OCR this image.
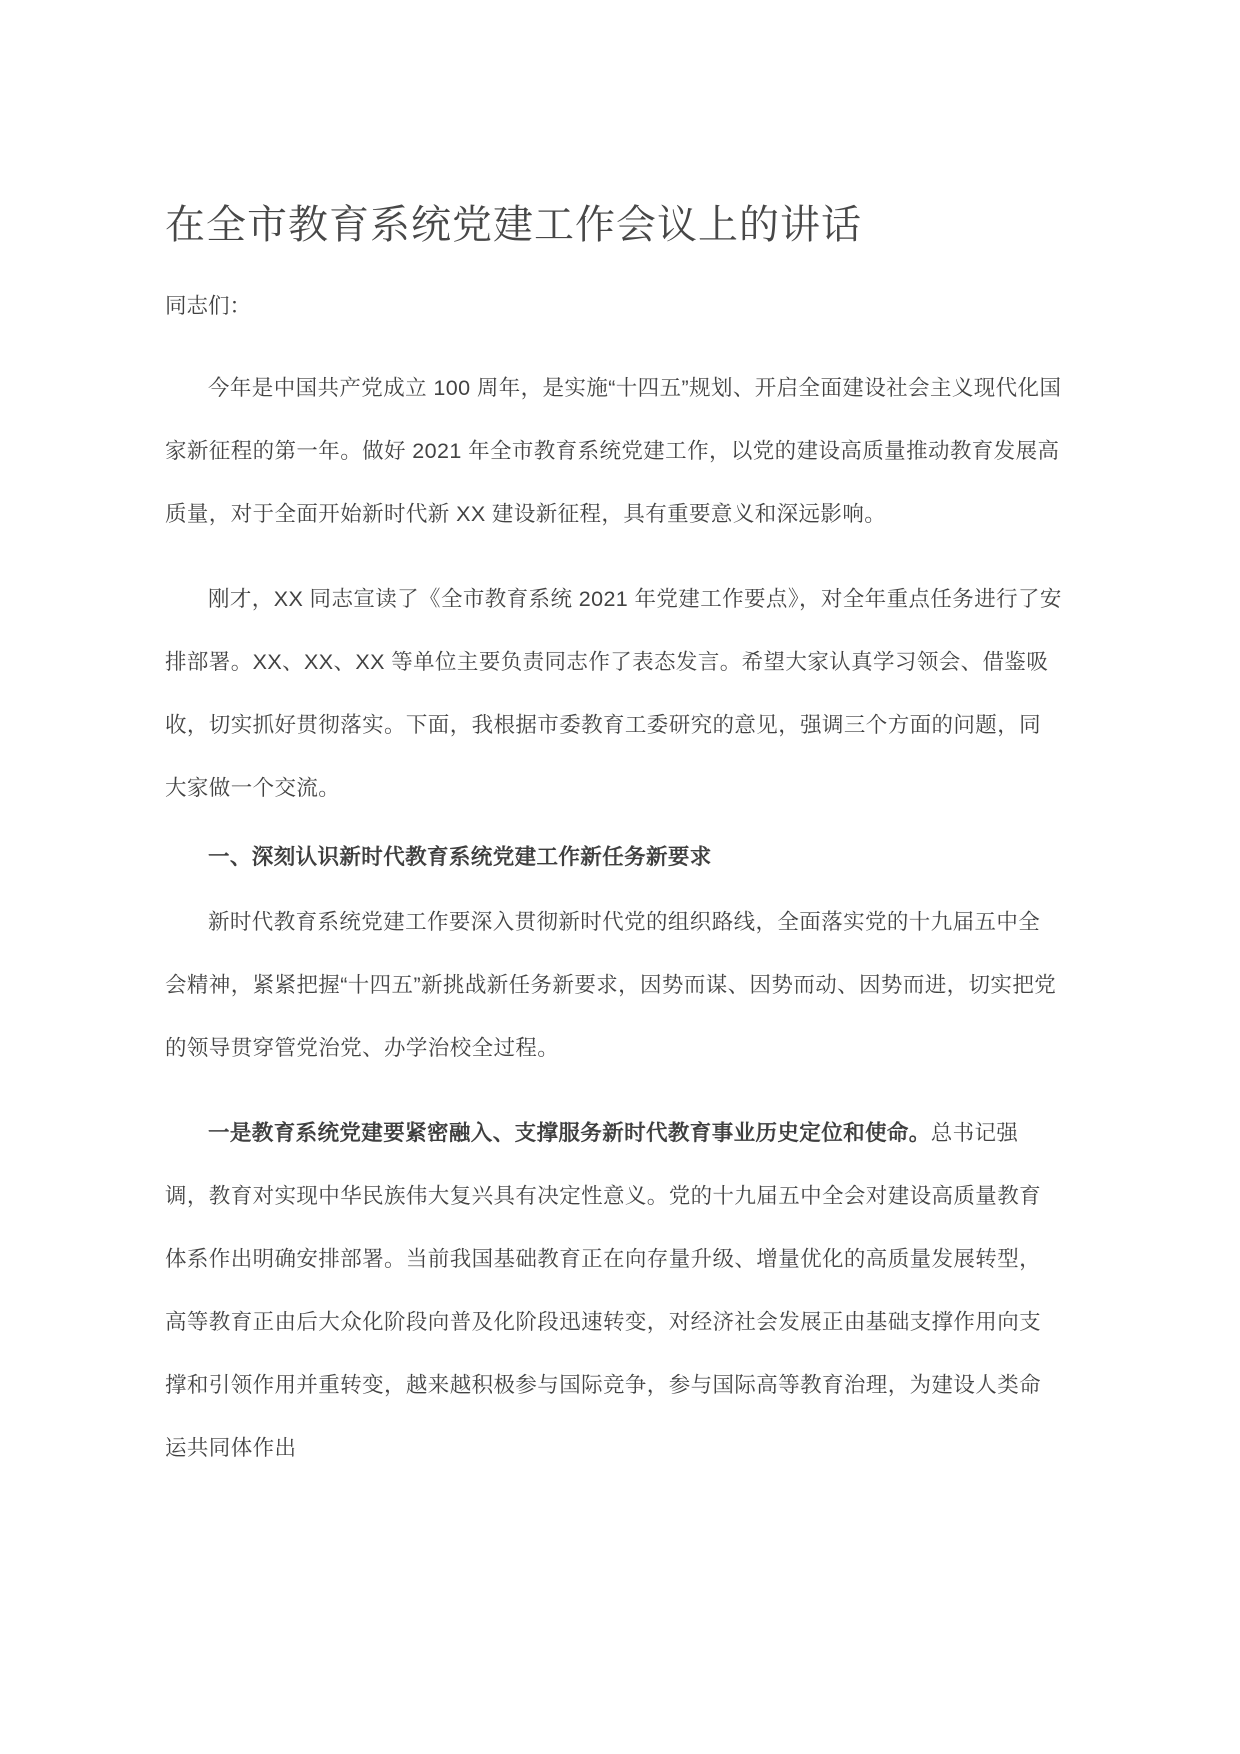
在全市教育系统党建工作会议上的讲话

同志们：

今年是中国共产党成立 100 周年，是实施“十四五”规划、开启全面建设社会主义现代化国家新征程的第一年。做好 2021 年全市教育系统党建工作，以党的建设高质量推动教育发展高质量，对于全面开始新时代新 XX 建设新征程，具有重要意义和深远影响。

刚才，XX 同志宣读了《全市教育系统 2021 年党建工作要点》，对全年重点任务进行了安排部署。XX、XX、XX 等单位主要负责同志作了表态发言。希望大家认真学习领会、借鉴吸收，切实抓好贯彻落实。下面，我根据市委教育工委研究的意见，强调三个方面的问题，同大家做一个交流。

一、深刻认识新时代教育系统党建工作新任务新要求

新时代教育系统党建工作要深入贯彻新时代党的组织路线，全面落实党的十九届五中全会精神，紧紧把握“十四五”新挑战新任务新要求，因势而谋、因势而动、因势而进，切实把党的领导贯穿管党治党、办学治校全过程。

一是教育系统党建要紧密融入、支撑服务新时代教育事业历史定位和使命。总书记强调，教育对实现中华民族伟大复兴具有决定性意义。党的十九届五中全会对建设高质量教育体系作出明确安排部署。当前我国基础教育正在向存量升级、增量优化的高质量发展转型，高等教育正由后大众化阶段向普及化阶段迅速转变，对经济社会发展正由基础支撑作用向支撑和引领作用并重转变，越来越积极参与国际竞争，参与国际高等教育治理，为建设人类命运共同体作出
